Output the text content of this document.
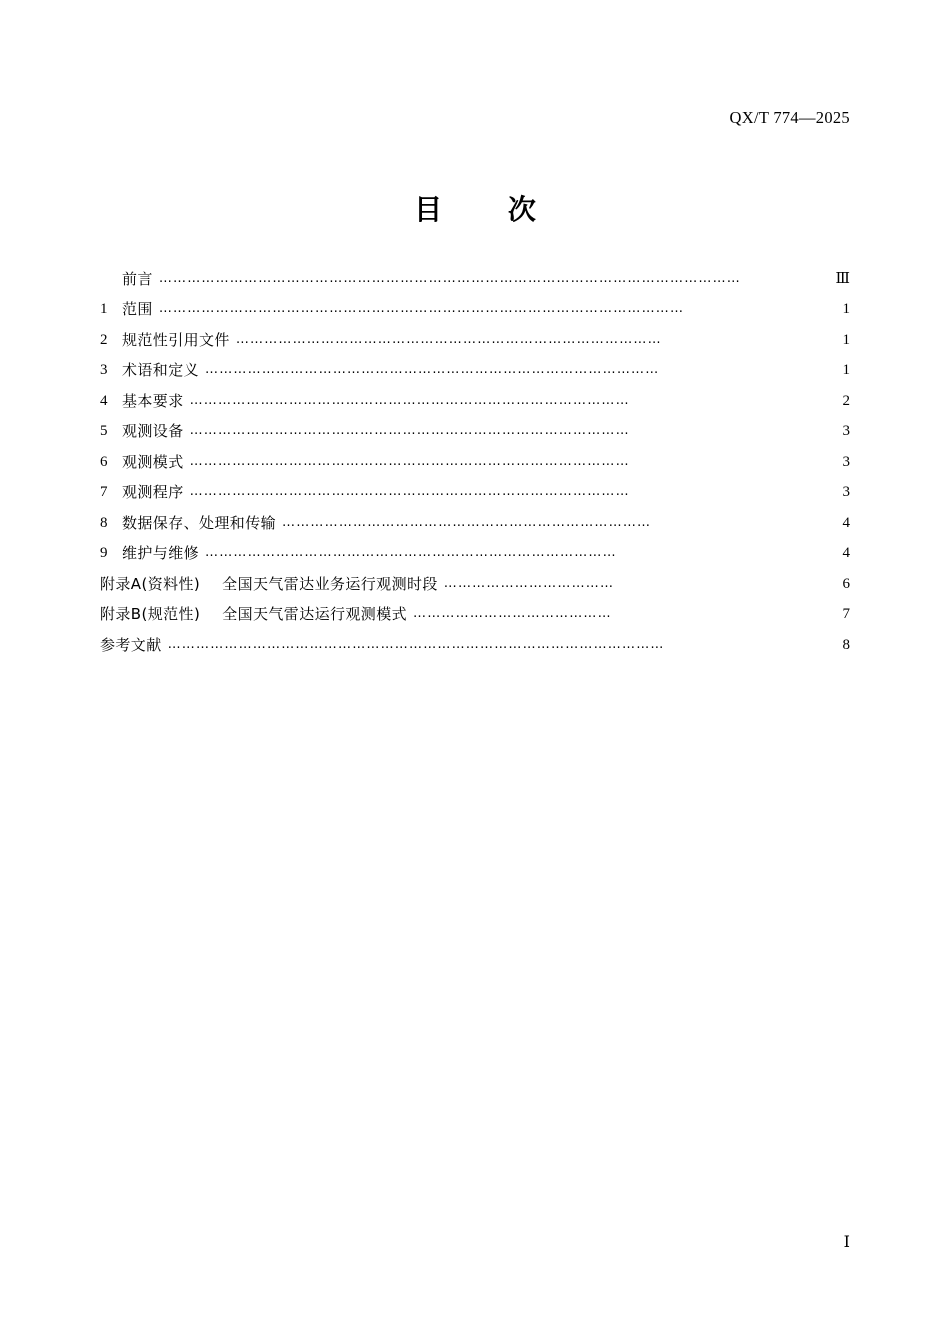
QX/T 774—2025
目 次
前言 ……………………………………………………………………………………………………………	Ⅲ
1 范围 …………………………………………………………………………………………………	1
2 规范性引用文件 ………………………………………………………………………………	1
3 术语和定义 ……………………………………………………………………………………	1
4 基本要求 …………………………………………………………………………………	2
5 观测设备 …………………………………………………………………………………	3
6 观测模式 …………………………………………………………………………………	3
7 观测程序 …………………………………………………………………………………	3
8 数据保存、处理和传输 ……………………………………………………………………	4
9 维护与维修 ……………………………………………………………………………	4
附录A(资料性) 全国天气雷达业务运行观测时段 ………………………………	6
附录B(规范性) 全国天气雷达运行观测模式 ……………………………………	7
参考文献 ……………………………………………………………………………………………	8
Ⅰ
